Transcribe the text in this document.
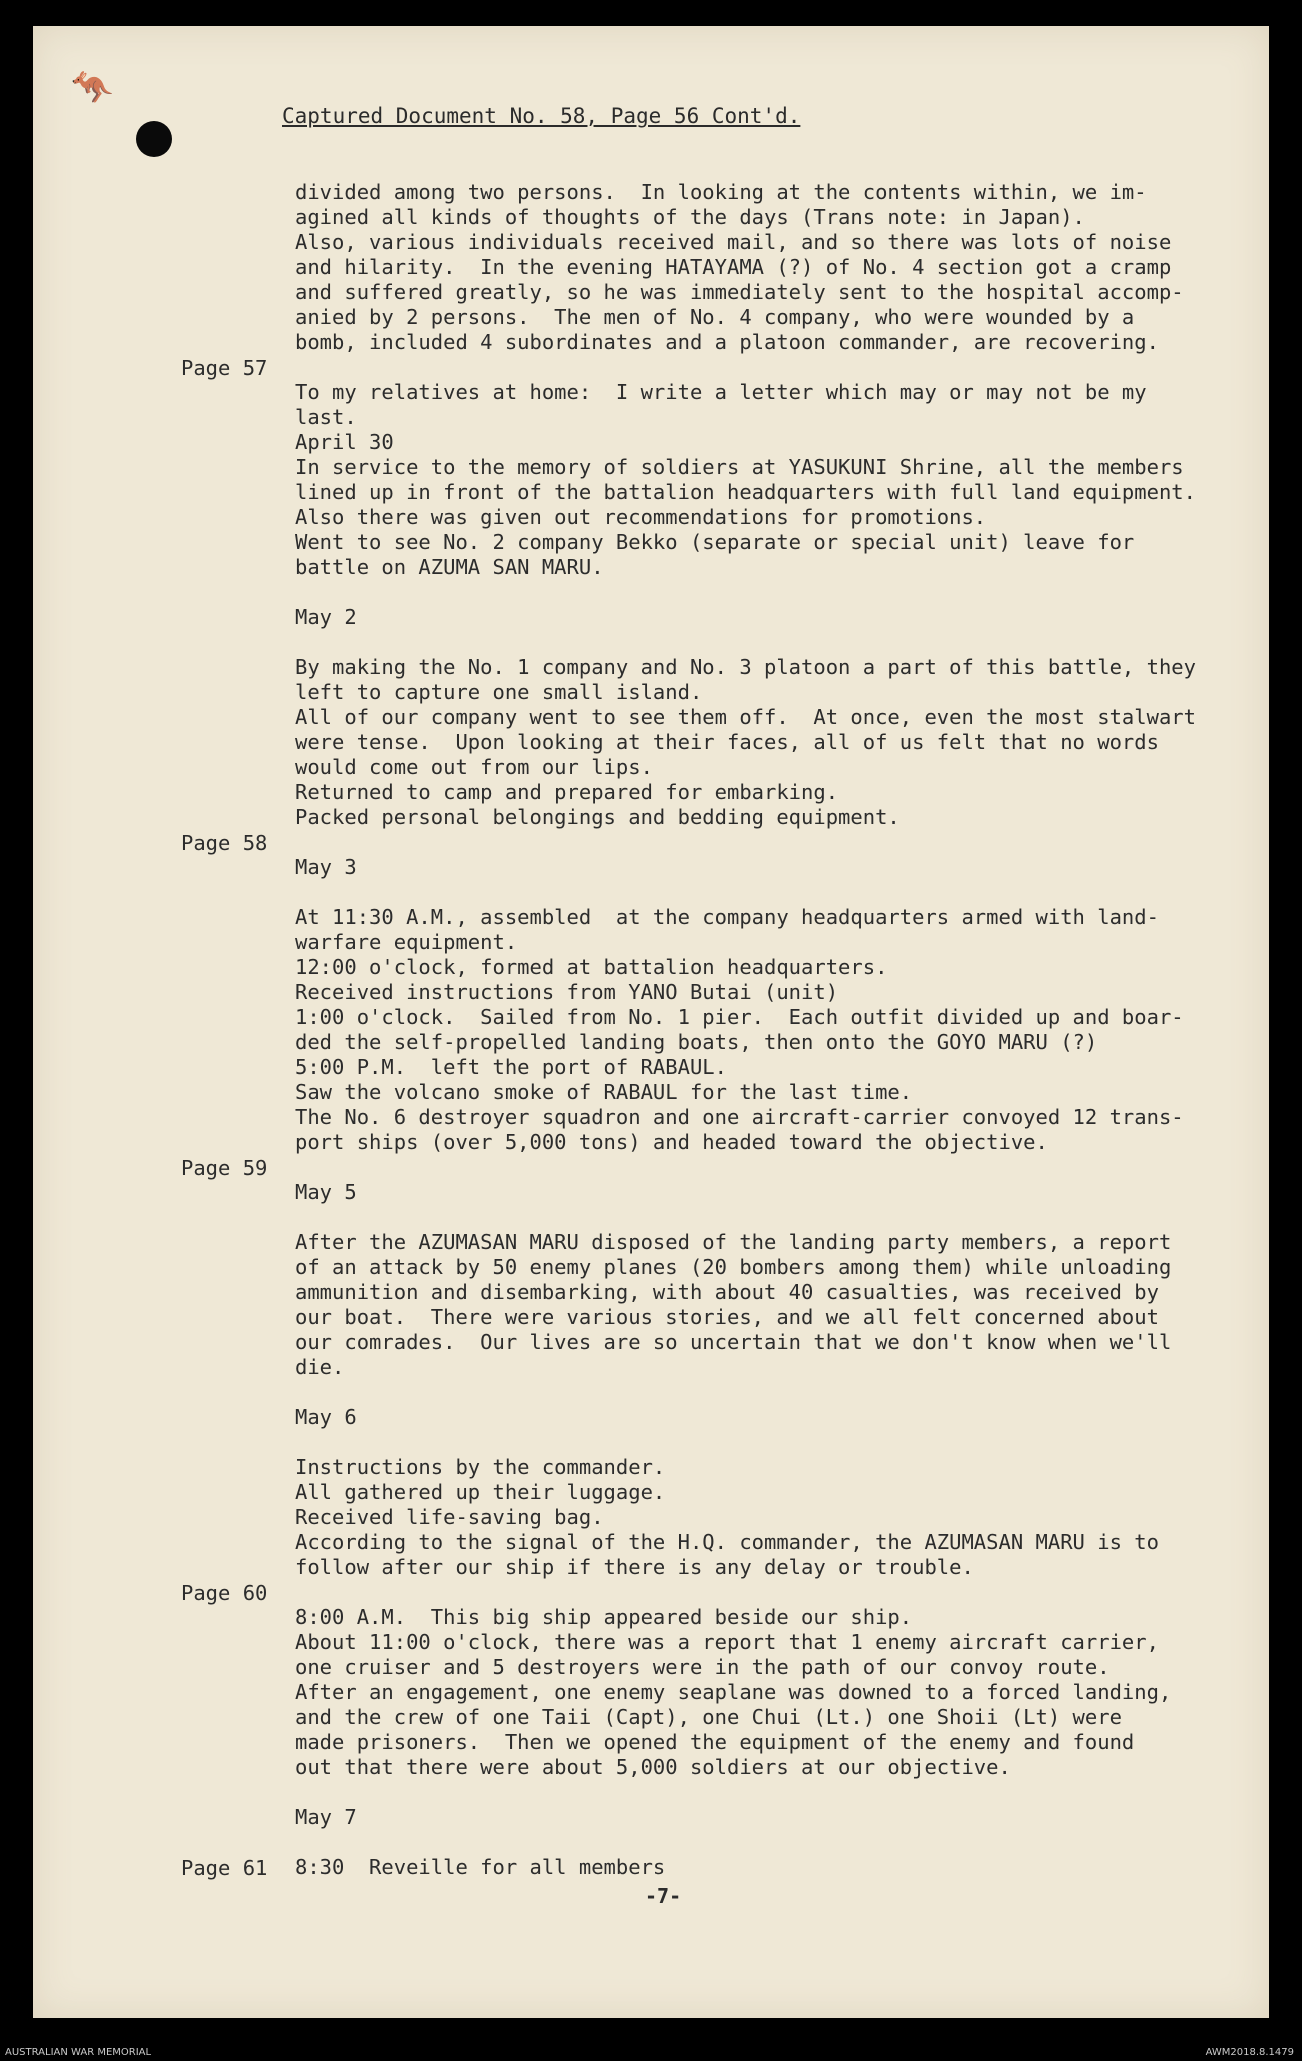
🦘

Captured Document No. 58, Page 56 Cont'd.

divided among two persons.  In looking at the contents within, we im-
agined all kinds of thoughts of the days (Trans note: in Japan).
Also, various individuals received mail, and so there was lots of noise
and hilarity.  In the evening HATAYAMA (?) of No. 4 section got a cramp
and suffered greatly, so he was immediately sent to the hospital accomp-
anied by 2 persons.  The men of No. 4 company, who were wounded by a
bomb, included 4 subordinates and a platoon commander, are recovering.
To my relatives at home:  I write a letter which may or may not be my
last.
April 30
In service to the memory of soldiers at YASUKUNI Shrine, all the members
lined up in front of the battalion headquarters with full land equipment.
Also there was given out recommendations for promotions.
Went to see No. 2 company Bekko (separate or special unit) leave for
battle on AZUMA SAN MARU.
May 2
By making the No. 1 company and No. 3 platoon a part of this battle, they
left to capture one small island.
All of our company went to see them off.  At once, even the most stalwart
were tense.  Upon looking at their faces, all of us felt that no words
would come out from our lips.
Returned to camp and prepared for embarking.
Packed personal belongings and bedding equipment.
May 3
At 11:30 A.M., assembled  at the company headquarters armed with land-
warfare equipment.
12:00 o'clock, formed at battalion headquarters.
Received instructions from YANO Butai (unit)
1:00 o'clock.  Sailed from No. 1 pier.  Each outfit divided up and boar-
ded the self-propelled landing boats, then onto the GOYO MARU (?)
5:00 P.M.  left the port of RABAUL.
Saw the volcano smoke of RABAUL for the last time.
The No. 6 destroyer squadron and one aircraft-carrier convoyed 12 trans-
port ships (over 5,000 tons) and headed toward the objective.
May 5
After the AZUMASAN MARU disposed of the landing party members, a report
of an attack by 50 enemy planes (20 bombers among them) while unloading
ammunition and disembarking, with about 40 casualties, was received by
our boat.  There were various stories, and we all felt concerned about
our comrades.  Our lives are so uncertain that we don't know when we'll
die.
May 6
Instructions by the commander.
All gathered up their luggage.
Received life-saving bag.
According to the signal of the H.Q. commander, the AZUMASAN MARU is to
follow after our ship if there is any delay or trouble.
8:00 A.M.  This big ship appeared beside our ship.
About 11:00 o'clock, there was a report that 1 enemy aircraft carrier,
one cruiser and 5 destroyers were in the path of our convoy route.
After an engagement, one enemy seaplane was downed to a forced landing,
and the crew of one Taii (Capt), one Chui (Lt.) one Shoii (Lt) were
made prisoners.  Then we opened the equipment of the enemy and found
out that there were about 5,000 soldiers at our objective.
May 7
8:30  Reveille for all members
Page 57
Page 58
Page 59
Page 60
Page 61
-7-
AUSTRALIAN WAR MEMORIAL	AWM2018.8.1479
